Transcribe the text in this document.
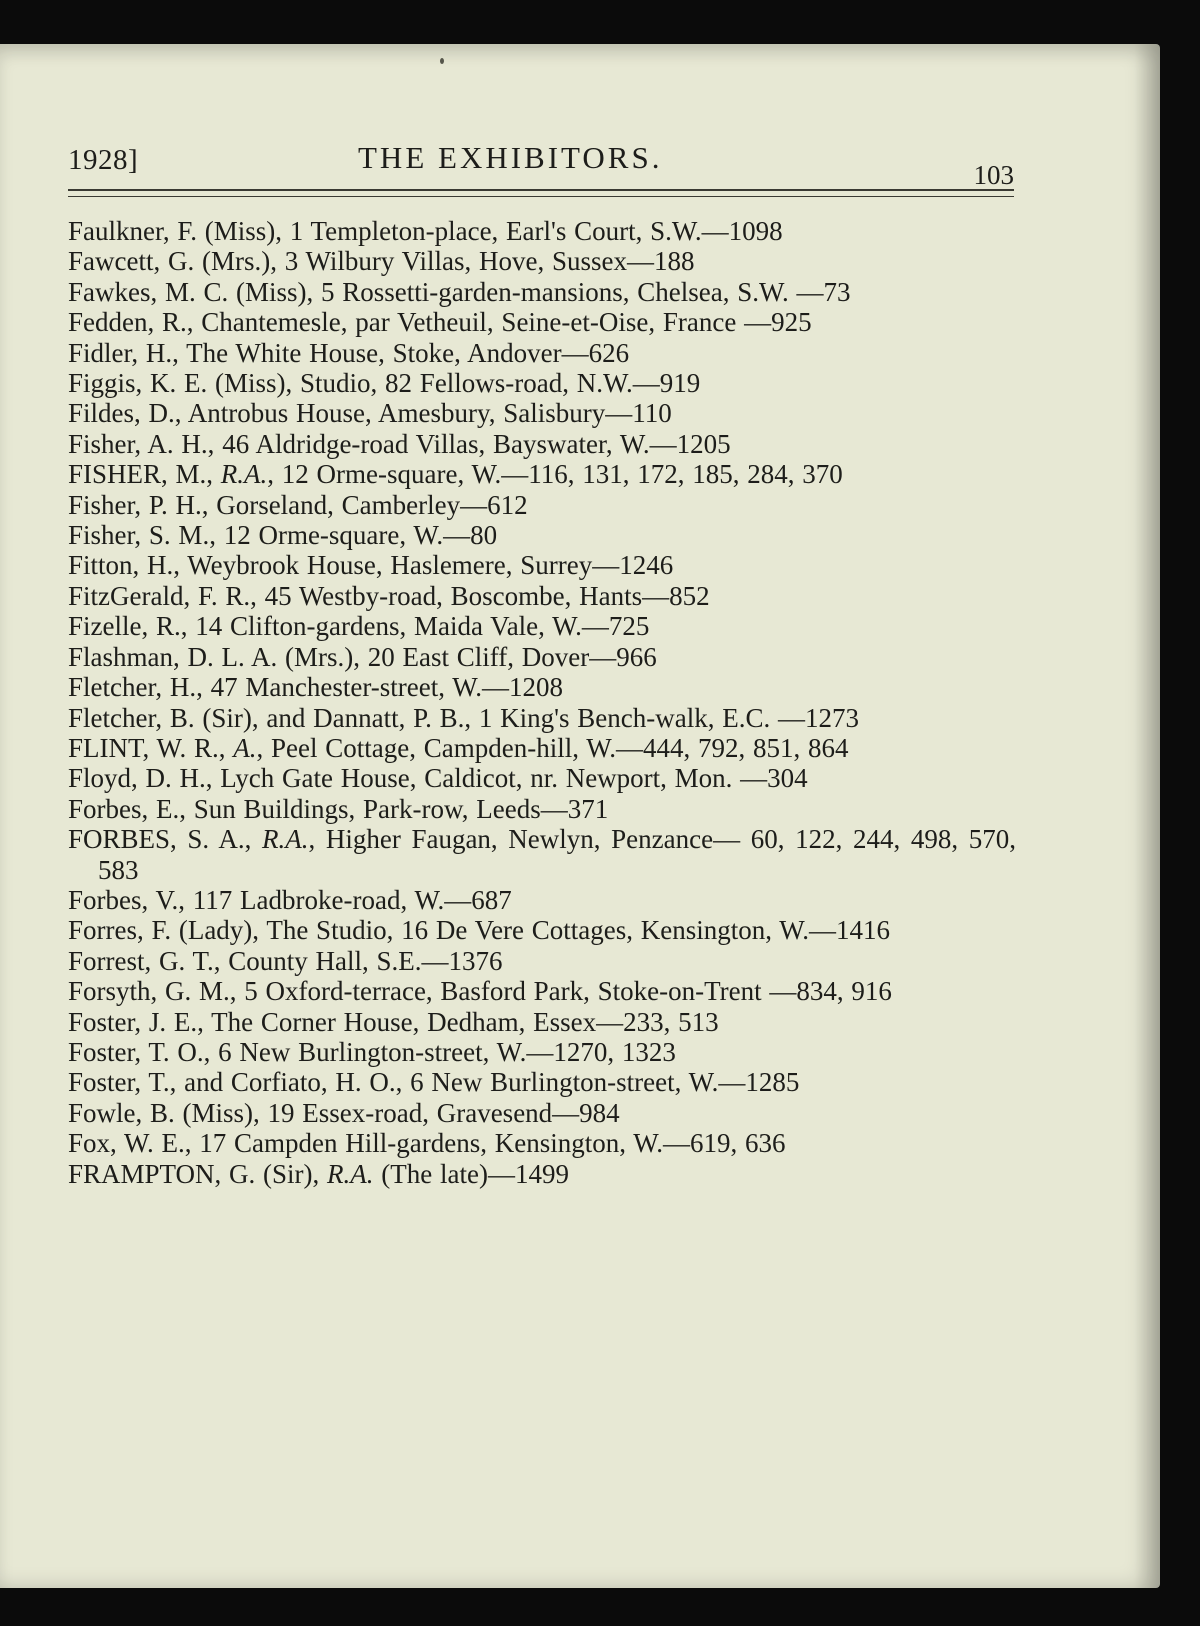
1928]	THE EXHIBITORS.	103
Faulkner, F. (Miss), 1 Templeton-place, Earl's Court, S.W.—1098
Fawcett, G. (Mrs.), 3 Wilbury Villas, Hove, Sussex—188
Fawkes, M. C. (Miss), 5 Rossetti-garden-mansions, Chelsea, S.W. —73
Fedden, R., Chantemesle, par Vetheuil, Seine-et-Oise, France —925
Fidler, H., The White House, Stoke, Andover—626
Figgis, K. E. (Miss), Studio, 82 Fellows-road, N.W.—919
Fildes, D., Antrobus House, Amesbury, Salisbury—110
Fisher, A. H., 46 Aldridge-road Villas, Bayswater, W.—1205
FISHER, M., R.A., 12 Orme-square, W.—116, 131, 172, 185, 284, 370
Fisher, P. H., Gorseland, Camberley—612
Fisher, S. M., 12 Orme-square, W.—80
Fitton, H., Weybrook House, Haslemere, Surrey—1246
FitzGerald, F. R., 45 Westby-road, Boscombe, Hants—852
Fizelle, R., 14 Clifton-gardens, Maida Vale, W.—725
Flashman, D. L. A. (Mrs.), 20 East Cliff, Dover—966
Fletcher, H., 47 Manchester-street, W.—1208
Fletcher, B. (Sir), and Dannatt, P. B., 1 King's Bench-walk, E.C. —1273
FLINT, W. R., A., Peel Cottage, Campden-hill, W.—444, 792, 851, 864
Floyd, D. H., Lych Gate House, Caldicot, nr. Newport, Mon. —304
Forbes, E., Sun Buildings, Park-row, Leeds—371
FORBES, S. A., R.A., Higher Faugan, Newlyn, Penzance— 60, 122, 244, 498, 570, 583
Forbes, V., 117 Ladbroke-road, W.—687
Forres, F. (Lady), The Studio, 16 De Vere Cottages, Kensington, W.—1416
Forrest, G. T., County Hall, S.E.—1376
Forsyth, G. M., 5 Oxford-terrace, Basford Park, Stoke-on-Trent —834, 916
Foster, J. E., The Corner House, Dedham, Essex—233, 513
Foster, T. O., 6 New Burlington-street, W.—1270, 1323
Foster, T., and Corfiato, H. O., 6 New Burlington-street, W.—1285
Fowle, B. (Miss), 19 Essex-road, Gravesend—984
Fox, W. E., 17 Campden Hill-gardens, Kensington, W.—619, 636
FRAMPTON, G. (Sir), R.A. (The late)—1499
